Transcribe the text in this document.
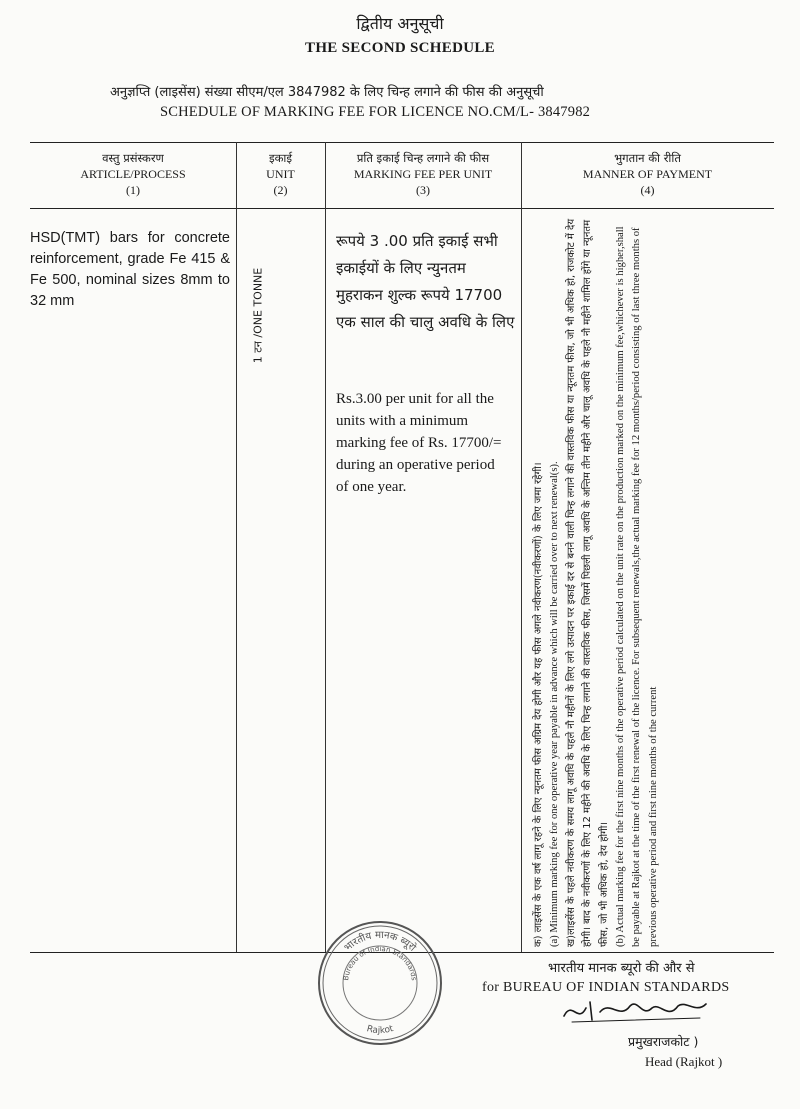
द्वितीय अनुसूची
THE SECOND SCHEDULE
अनुज्ञप्ति (लाइसेंस) संख्या सीएम/एल 3847982 के लिए चिन्ह लगाने की फीस की अनुसूची
SCHEDULE OF MARKING FEE FOR LICENCE NO.CM/L- 3847982
वस्तु प्रसंस्करण
ARTICLE/PROCESS
(1)
इकाई
UNIT
(2)
प्रति इकाई चिन्ह लगाने की फीस
MARKING FEE PER UNIT
(3)
भुगतान की रीति
MANNER OF PAYMENT
(4)
HSD(TMT) bars for concrete reinforcement, grade Fe 415 & Fe 500, nominal sizes 8mm to 32 mm	1 टन /ONE TONNE
रूपये 3 .00 प्रति इकाई सभी इकाईयों के लिए न्युनतम मुहराकन शुल्क रूपये 17700 एक साल की चालु अवधि के लिए
Rs.3.00 per unit for all the units with a minimum marking fee of Rs. 17700/= during an operative period of one year.	क) लाइसेंस के एक वर्ष लागू रहने के लिए न्यूनतम फीस अग्रिम देय होगी और यह फीस अगले नवीकरण(नवीकरणों) के लिए जमा रहेगी। (a) Minimum marking fee for one operative year payable in advance which will be carried over to next renewal(s). ख)लाइसेंस के पहले नवीकरण के समय लागू अवधि के पहले नौ महीनों के लिए लगे उत्पादन पर इकाई दर से बनने वाली चिन्ह लगाने की वास्तविक फीस या न्यूनतम फीस, जो भी अधिक हो, राजकोट में देय होगी। बाद के नवीकरणों के लिए 12 महीने की अवधि के लिए चिन्ह लगाने की वास्तविक फीस, जिसमें पिछली लागू अवधि के अन्तिम तीन महीने और चालू अवधि के पहले नौ महीने शामिल होंगे या न्यूनतम फीस, जो भी अधिक हो, देय होगी। (b) Actual marking fee for the first nine months of the operative period calculated on the unit rate on the production marked on the minimum fee,whichever is higher,shall be payable at Rajkot at the time of the first renewal of the licence. For subsequent renewals,the actual marking fee for 12 months/period consisting of last three months of previous operative period and first nine months of the current

भारतीय मानक ब्यूरो
Bureau of Indian Standards
Rajkot
भारतीय मानक ब्यूरो की और से
for BUREAU OF INDIAN STANDARDS
प्रमुखराजकोट )
Head (Rajkot )
